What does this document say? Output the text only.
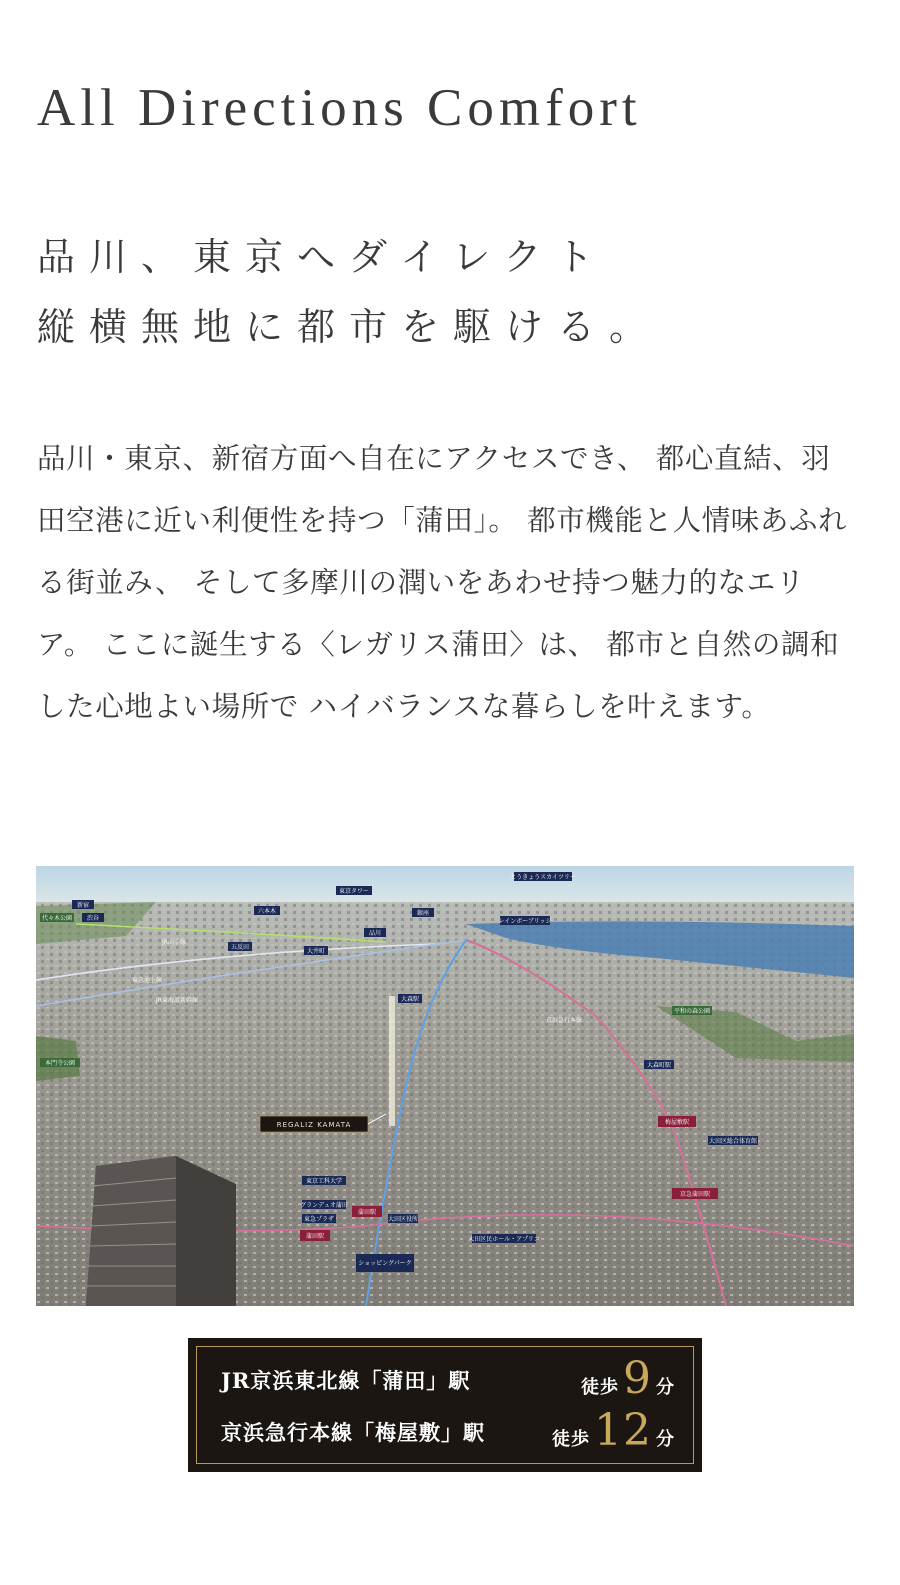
All Directions Comfort
品川、東京へダイレクト
縦横無地に都市を駆ける。

品川・東京、新宿方面へ自在にアクセスでき、 都心直結、羽田空港に近い利便性を持つ「蒲田」。 都市機能と人情味あふれる街並み、 そして多摩川の潤いをあわせ持つ魅力的なエリア。 ここに誕生する〈レガリス蒲田〉は、 都市と自然の調和した心地よい場所で ハイバランスな暮らしを叶えます。

REGALIZ KAMATA
新宿
渋谷
代々木公園
六本木
東京タワー
とうきょうスカイツリー
銀座
レインボーブリッジ
五反田
大井町
品川
JR山手線
東急池上線
JR東海道新幹線
京浜急行本線
大森駅
平和の森公園
本門寺公園	大森町駅
梅屋敷駅
大田区総合体育館
京急蒲田駅
蒲田駅
蒲田駅
東京工科大学
グランデュオ蒲田
東急プラザ	大田区役所
大田区民ホール・アプリコ
ショッピングパーク
JR京浜東北線「蒲田」駅	徒歩9 分
京浜急行本線「梅屋敷」駅	徒歩12 分
